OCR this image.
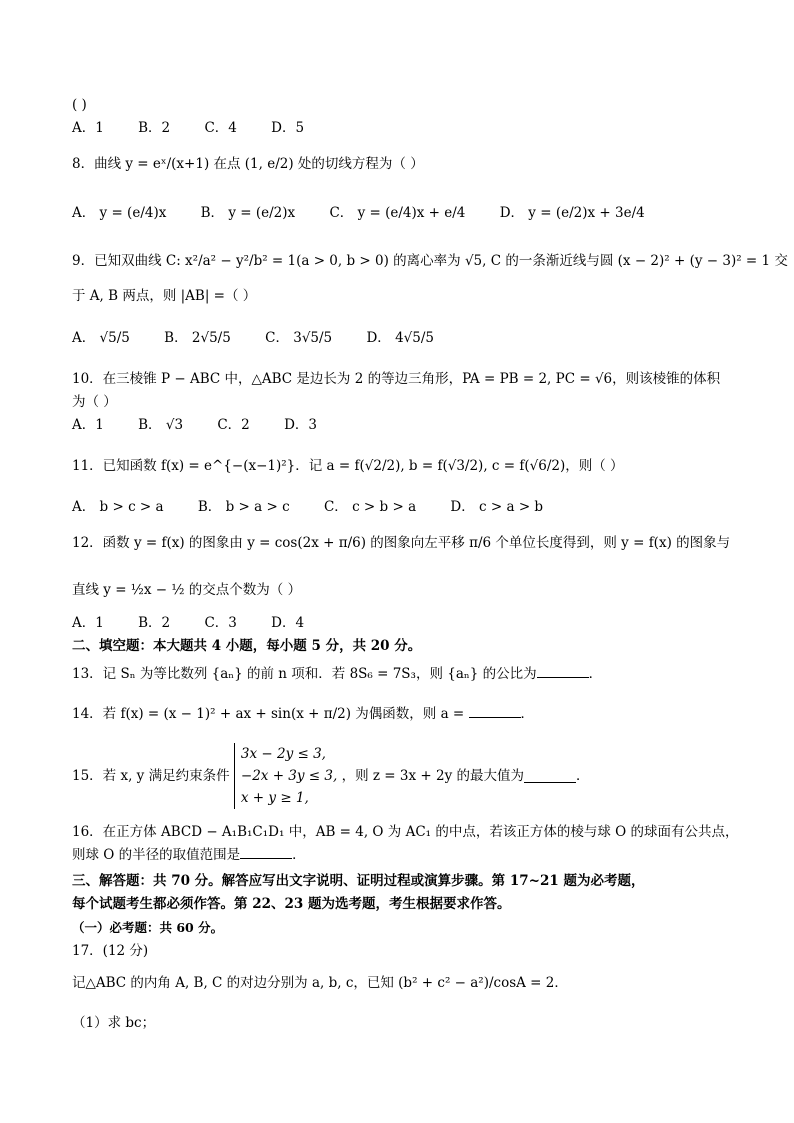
( )
A．1	B．2	C．4	D．5
8．曲线 y = eˣ/(x+1) 在点 (1, e/2) 处的切线方程为（ ）
A． y = (e/4)x	B． y = (e/2)x	C． y = (e/4)x + e/4	D． y = (e/2)x + 3e/4
9．已知双曲线 C: x²/a² − y²/b² = 1(a > 0, b > 0) 的离心率为 √5, C 的一条渐近线与圆 (x − 2)² + (y − 3)² = 1 交
于 A, B 两点，则 |AB| =（ ）
A． √5/5	B． 2√5/5	C． 3√5/5	D． 4√5/5
10．在三棱锥 P − ABC 中，△ABC 是边长为 2 的等边三角形，PA = PB = 2, PC = √6，则该棱锥的体积
为（ ）
A．1	B． √3	C．2	D．3
11．已知函数 f(x) = e^{−(x−1)²}．记 a = f(√2/2), b = f(√3/2), c = f(√6/2)，则（ ）
A． b > c > a	B． b > a > c	C． c > b > a	D． c > a > b
12．函数 y = f(x) 的图象由 y = cos(2x + π/6) 的图象向左平移 π/6 个单位长度得到，则 y = f(x) 的图象与
直线 y = ½x − ½ 的交点个数为（ ）
A．1	B．2	C．3	D．4
二、填空题：本大题共 4 小题，每小题 5 分，共 20 分。
13．记 Sₙ 为等比数列 {aₙ} 的前 n 项和．若 8S₆ = 7S₃，则 {aₙ} 的公比为	．
14．若 f(x) = (x − 1)² + ax + sin(x + π/2) 为偶函数，则 a =	．
15．若 x, y 满足约束条件
3x − 2y ≤ 3,
−2x + 3y ≤ 3,
x + y ≥ 1,
，则 z = 3x + 2y 的最大值为	．
16．在正方体 ABCD − A₁B₁C₁D₁ 中，AB = 4, O 为 AC₁ 的中点，若该正方体的棱与球 O 的球面有公共点，
则球 O 的半径的取值范围是	．
三、解答题：共 70 分。解答应写出文字说明、证明过程或演算步骤。第 17~21 题为必考题，
每个试题考生都必须作答。第 22、23 题为选考题，考生根据要求作答。
（一）必考题：共 60 分。
17．(12 分)
记△ABC 的内角 A, B, C 的对边分别为 a, b, c，已知 (b² + c² − a²)/cosA = 2．
（1）求 bc；
